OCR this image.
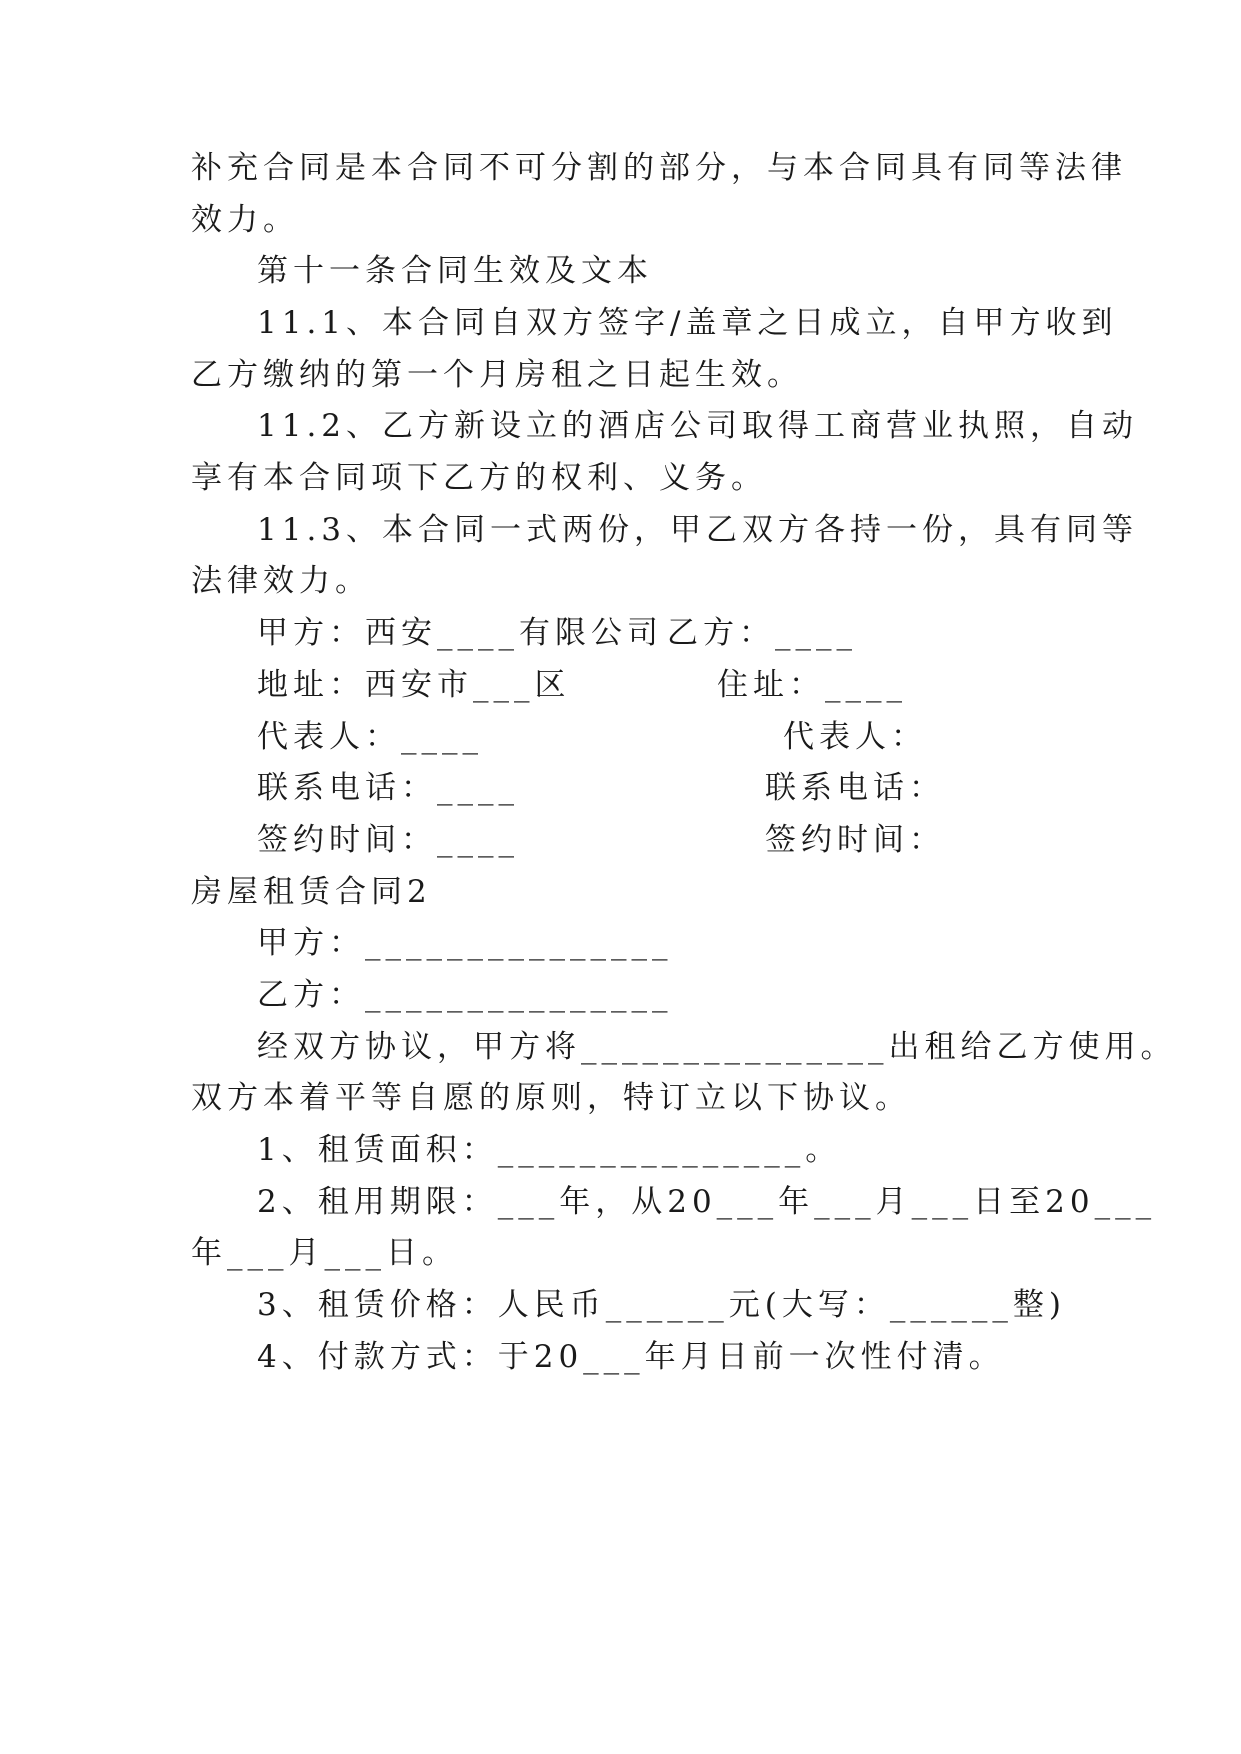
补充合同是本合同不可分割的部分，与本合同具有同等法律
效力。
第十一条合同生效及文本
11.1、本合同自双方签字/盖章之日成立，自甲方收到
乙方缴纳的第一个月房租之日起生效。
11.2、乙方新设立的酒店公司取得工商营业执照，自动
享有本合同项下乙方的权利、义务。
11.3、本合同一式两份，甲乙双方各持一份，具有同等
法律效力。
甲方：西安____有限公司 乙方：____
地址：西安市___区	住址：____
代表人：____	代表人：
联系电话：____	联系电话：
签约时间：____	签约时间：
房屋租赁合同2
甲方：_______________
乙方：_______________
经双方协议，甲方将_______________出租给乙方使用。
双方本着平等自愿的原则，特订立以下协议。
1、租赁面积：_______________。
2、租用期限：___年，从20___年___月___日至20___
年___月___日。
3、租赁价格：人民币______元(大写：______整)
4、付款方式：于20___年月日前一次性付清。
